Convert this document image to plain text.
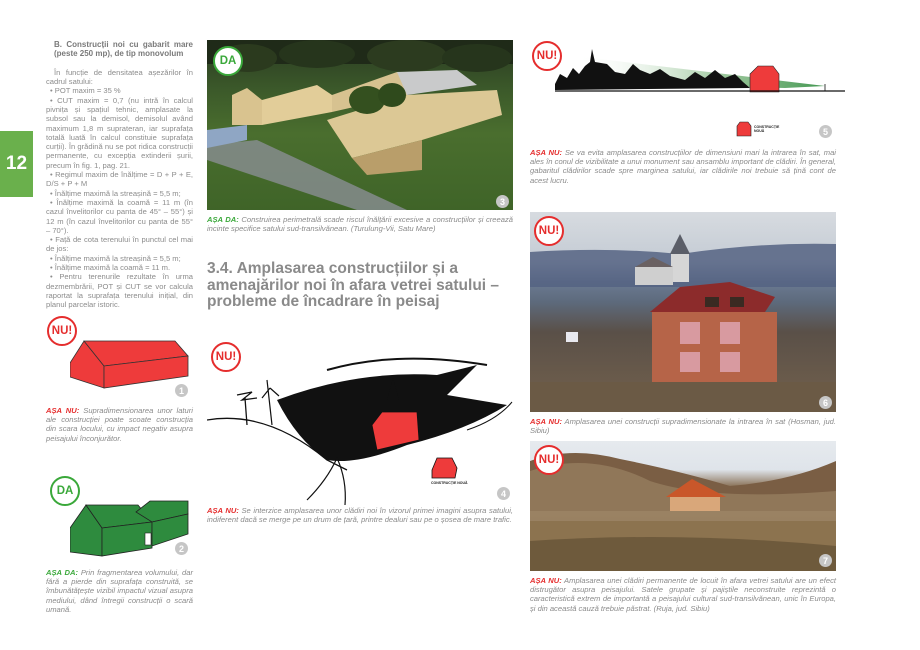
12
B. Construcții noi cu gabarit mare (peste 250 mp), de tip monovolum
În funcție de densitatea așezărilor în cadrul satului:
• POT maxim = 35 %
• CUT maxim = 0,7 (nu intră în calcul pivnița și spațiul tehnic, amplasate la subsol sau la demisol, demisolul având maximum 1,8 m suprateran, iar suprafața totală luată în calcul constituie suprafața curții). În grădină nu se pot ridica construcții permanente, cu excepția extinderii șurii, precum în fig. 1, pag. 21.
• Regimul maxim de înălțime = D + P + E, D/S + P + M
• Înălțime maximă la streașină = 5,5 m;
• Înălțime maximă la coamă = 11 m (în cazul învelitorilor cu panta de 45° – 55°) și 12 m (în cazul învelitorilor cu panta de 55° – 70°).
• Față de cota terenului în punctul cel mai de jos:
• Înălțime maximă la streașină = 5,5 m;
• Înălțime maximă la coamă = 11 m.
• Pentru terenurile rezultate în urma dezmembrării, POT și CUT se vor calcula raportat la suprafața terenului inițial, din planul parcelar istoric.
NU!
1
AȘA NU: Supradimensionarea unor laturi ale construcției poate scoate construcția din scara locului, cu impact negativ asupra peisajului înconjurător.
DA
2
AȘA DA: Prin fragmentarea volumului, dar fără a pierde din suprafața construită, se îmbunătățește vizibil impactul vizual asupra mediului, dând întregii construcții o scară umană.
DA
3
AȘA DA: Construirea perimetrală scade riscul înălțării excesive a construcțiilor și creează incinte specifice satului sud-transilvănean. (Turulung-Vii, Satu Mare)
3.4. Amplasarea construcțiilor și a amenajărilor noi în afara vetrei satului – probleme de încadrare în peisaj
NU!
CONSTRUCȚIE NOUĂ
4
AȘA NU: Se interzice amplasarea unor clădiri noi în vizorul primei imagini asupra satului, indiferent dacă se merge pe un drum de țară, printre dealuri sau pe o șosea de mare trafic.
NU!
CONSTRUCȚIE NOUĂ	5
AȘA NU: Se va evita amplasarea construcțiilor de dimensiuni mari la intrarea în sat, mai ales în conul de vizibilitate a unui monument sau ansamblu important de clădiri. În general, gabaritul clădirilor scade spre marginea satului, iar clădirile noi trebuie să țină cont de acest lucru.
NU!
6
AȘA NU: Amplasarea unei construcții supradimensionate la intrarea în sat (Hosman, jud. Sibiu)
NU!
7
AȘA NU: Amplasarea unei clădiri permanente de locuit în afara vetrei satului are un efect distrugător asupra peisajului. Satele grupate și pajiștile neconstruite reprezintă o caracteristică extrem de importantă a peisajului cultural sud-transilvănean, unic în Europa, și din această cauză trebuie păstrat. (Ruja, jud. Sibiu)
